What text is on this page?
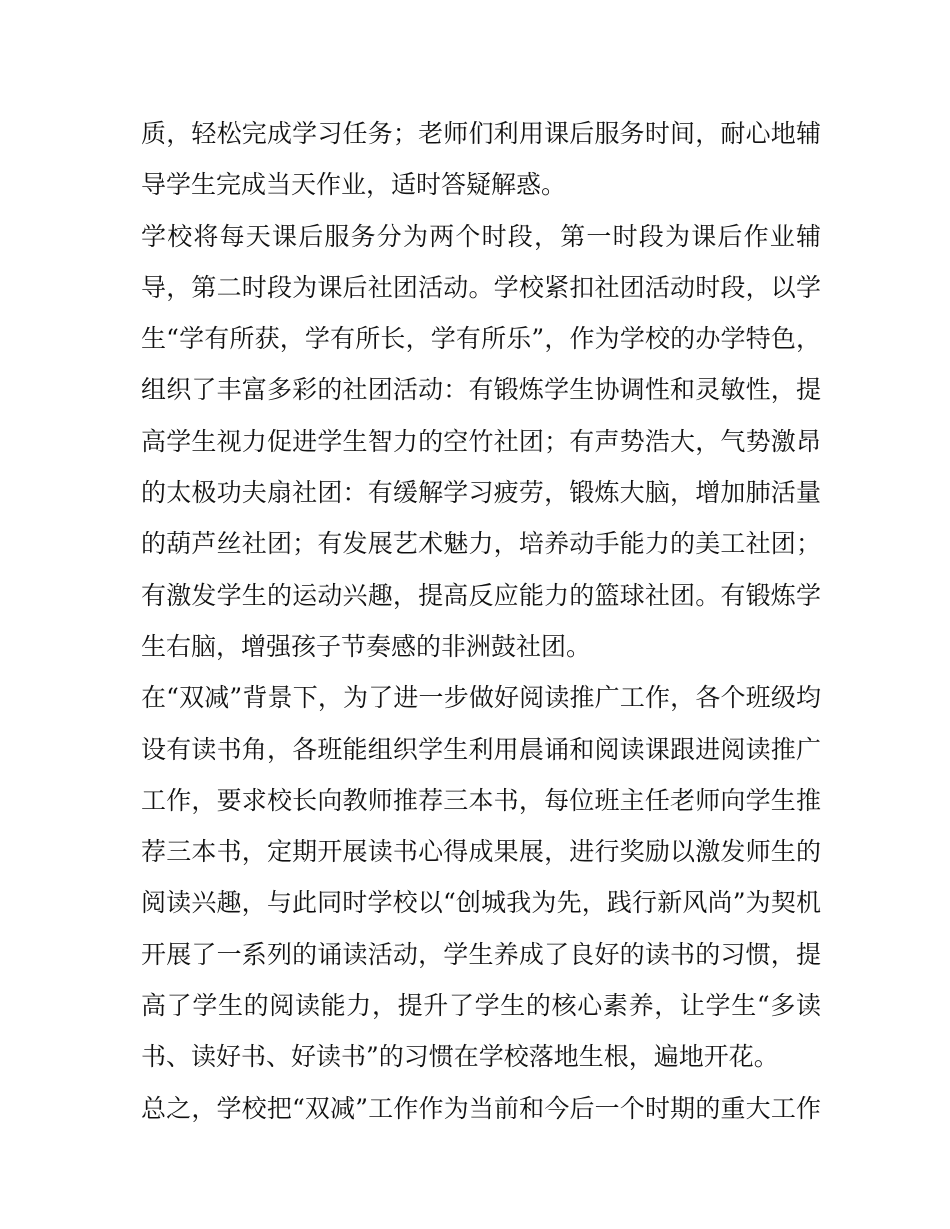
质，轻松完成学习任务；老师们利用课后服务时间，耐心地辅
导学生完成当天作业，适时答疑解惑。
学校将每天课后服务分为两个时段，第一时段为课后作业辅
导，第二时段为课后社团活动。学校紧扣社团活动时段，以学
生“学有所获，学有所长，学有所乐”，作为学校的办学特色，
组织了丰富多彩的社团活动：有锻炼学生协调性和灵敏性，提
高学生视力促进学生智力的空竹社团；有声势浩大，气势激昂
的太极功夫扇社团：有缓解学习疲劳，锻炼大脑，增加肺活量
的葫芦丝社团；有发展艺术魅力，培养动手能力的美工社团；
有激发学生的运动兴趣，提高反应能力的篮球社团。有锻炼学
生右脑，增强孩子节奏感的非洲鼓社团。
在“双减”背景下，为了进一步做好阅读推广工作，各个班级均
设有读书角，各班能组织学生利用晨诵和阅读课跟进阅读推广
工作，要求校长向教师推荐三本书，每位班主任老师向学生推
荐三本书，定期开展读书心得成果展，进行奖励以激发师生的
阅读兴趣，与此同时学校以“创城我为先，践行新风尚”为契机
开展了一系列的诵读活动，学生养成了良好的读书的习惯，提
高了学生的阅读能力，提升了学生的核心素养，让学生“多读
书、读好书、好读书”的习惯在学校落地生根，遍地开花。
总之，学校把“双减”工作作为当前和今后一个时期的重大工作
